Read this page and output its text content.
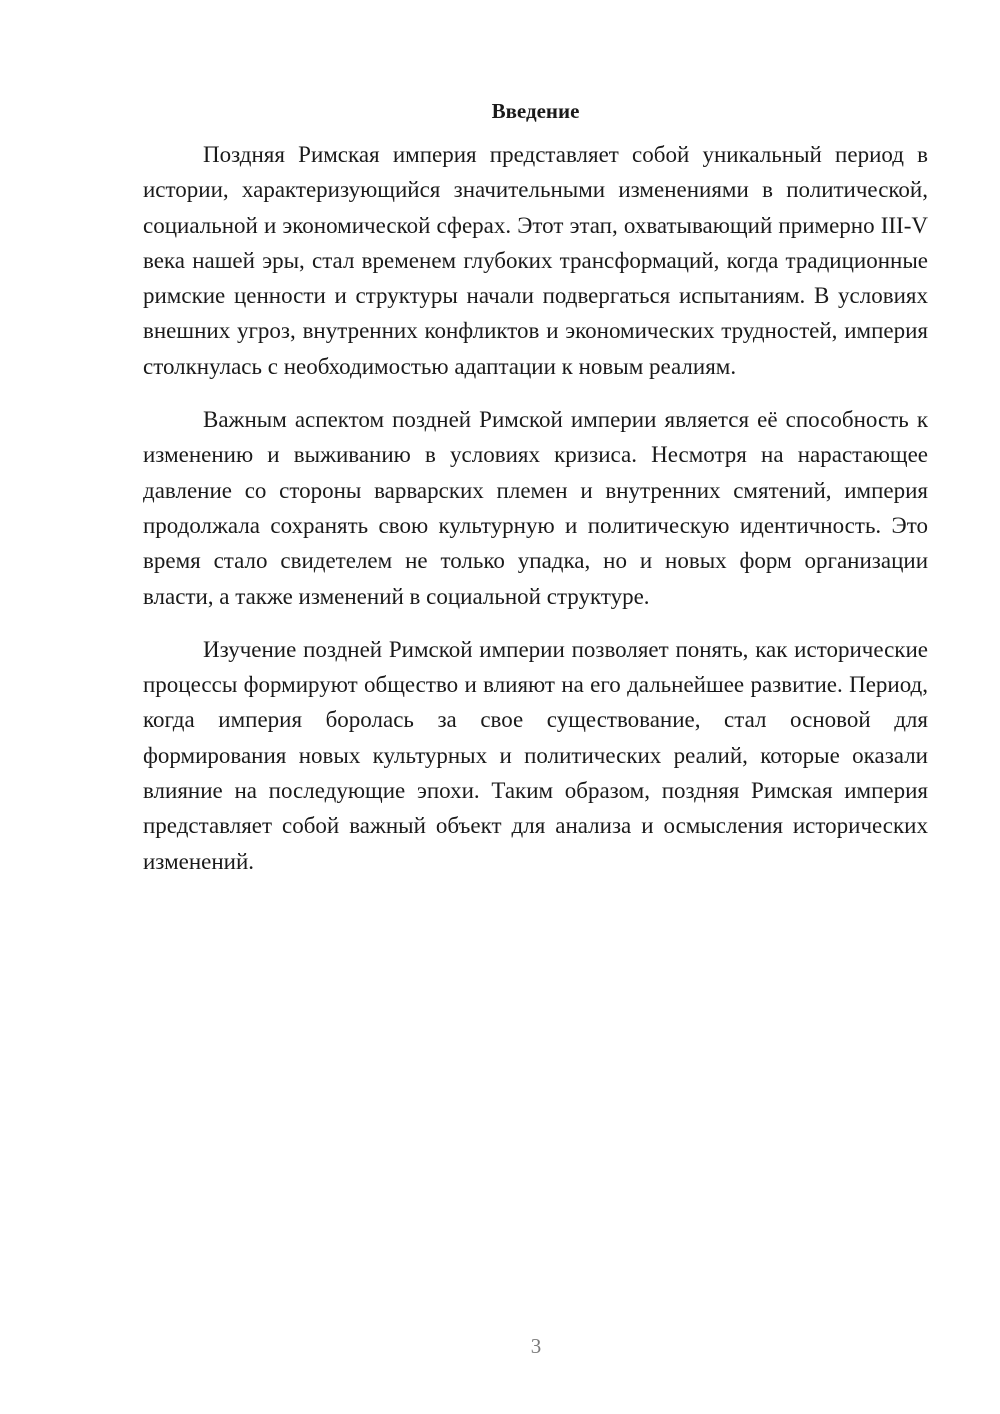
Введение

Поздняя Римская империя представляет собой уникальный период в истории, характеризующийся значительными изменениями в политической, социальной и экономической сферах. Этот этап, охватывающий примерно III-V века нашей эры, стал временем глубоких трансформаций, когда традиционные римские ценности и структуры начали подвергаться испытаниям. В условиях внешних угроз, внутренних конфликтов и экономических трудностей, империя столкнулась с необходимостью адаптации к новым реалиям.

Важным аспектом поздней Римской империи является её способность к изменению и выживанию в условиях кризиса. Несмотря на нарастающее давление со стороны варварских племен и внутренних смятений, империя продолжала сохранять свою культурную и политическую идентичность. Это время стало свидетелем не только упадка, но и новых форм организации власти, а также изменений в социальной структуре.

Изучение поздней Римской империи позволяет понять, как исторические процессы формируют общество и влияют на его дальнейшее развитие. Период, когда империя боролась за свое существование, стал основой для формирования новых культурных и политических реалий, которые оказали влияние на последующие эпохи. Таким образом, поздняя Римская империя представляет собой важный объект для анализа и осмысления исторических изменений.

3
